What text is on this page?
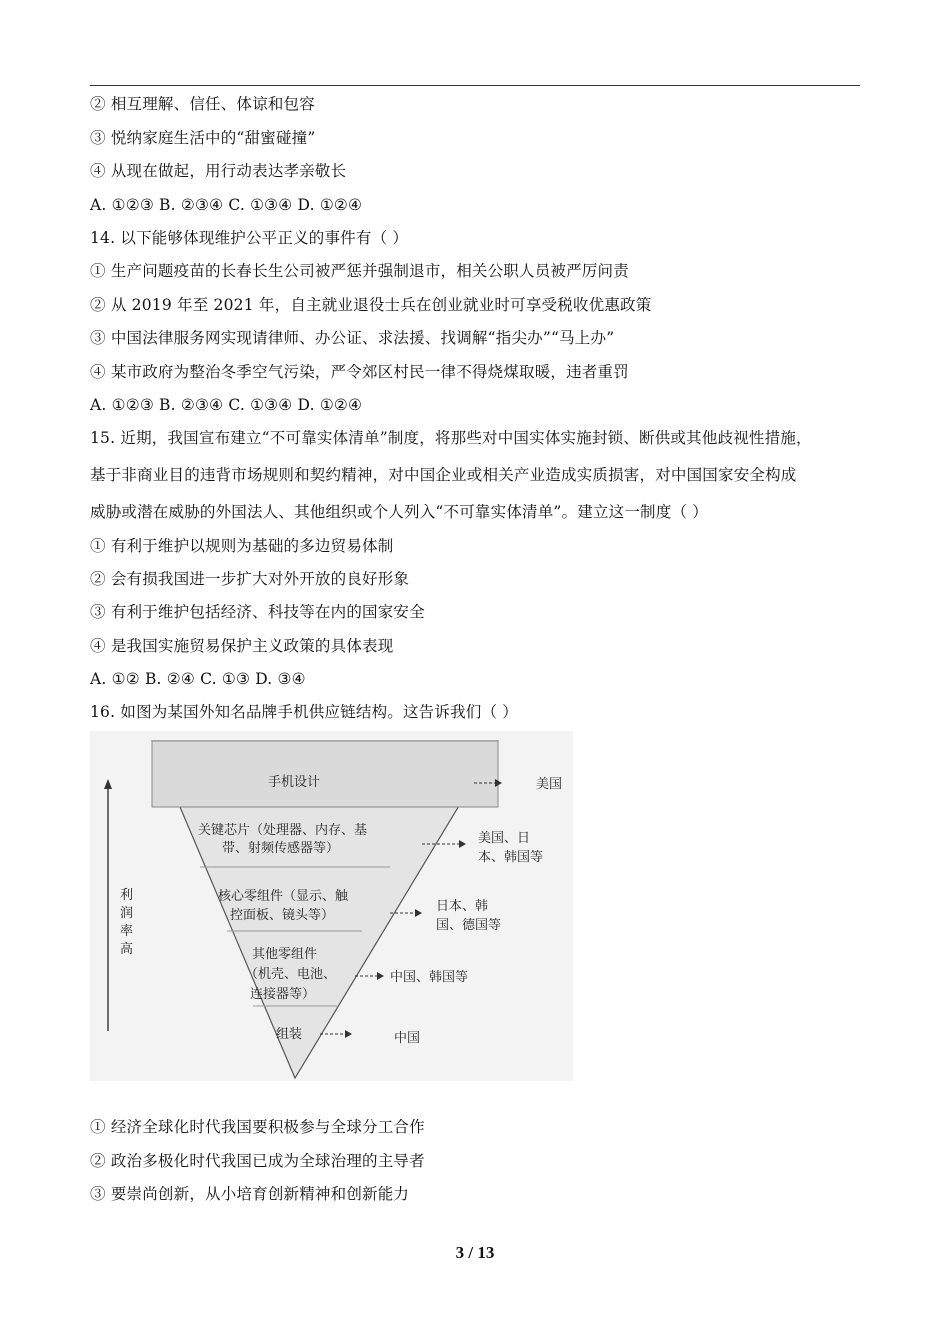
② 相互理解、信任、体谅和包容
③ 悦纳家庭生活中的“甜蜜碰撞”
④ 从现在做起，用行动表达孝亲敬长
A. ①②③ B. ②③④ C. ①③④ D. ①②④
14. 以下能够体现维护公平正义的事件有（ ）
① 生产问题疫苗的长春长生公司被严惩并强制退市，相关公职人员被严厉问责
② 从 2019 年至 2021 年，自主就业退役士兵在创业就业时可享受税收优惠政策
③ 中国法律服务网实现请律师、办公证、求法援、找调解“指尖办”“马上办”
④ 某市政府为整治冬季空气污染，严令郊区村民一律不得烧煤取暖，违者重罚
A. ①②③ B. ②③④ C. ①③④ D. ①②④
15. 近期，我国宣布建立“不可靠实体清单”制度，将那些对中国实体实施封锁、断供或其他歧视性措施，
基于非商业目的违背市场规则和契约精神，对中国企业或相关产业造成实质损害，对中国国家安全构成
威胁或潜在威胁的外国法人、其他组织或个人列入“不可靠实体清单”。建立这一制度（ ）
① 有利于维护以规则为基础的多边贸易体制
② 会有损我国进一步扩大对外开放的良好形象
③ 有利于维护包括经济、科技等在内的国家安全
④ 是我国实施贸易保护主义政策的具体表现
A. ①② B. ②④ C. ①③ D. ③④
16. 如图为某国外知名品牌手机供应链结构。这告诉我们（ ）
利
润
率
高
手机设计	美国
关键芯片（处理器、内存、基
带、射频传感器等）
美国、日
本、韩国等
核心零组件（显示、触
控面板、镜头等）
日本、韩
国、德国等
其他零组件
（机壳、电池、
连接器等）
中国、韩国等
组装	中国
① 经济全球化时代我国要积极参与全球分工合作
② 政治多极化时代我国已成为全球治理的主导者
③ 要崇尚创新，从小培育创新精神和创新能力
3 / 13
